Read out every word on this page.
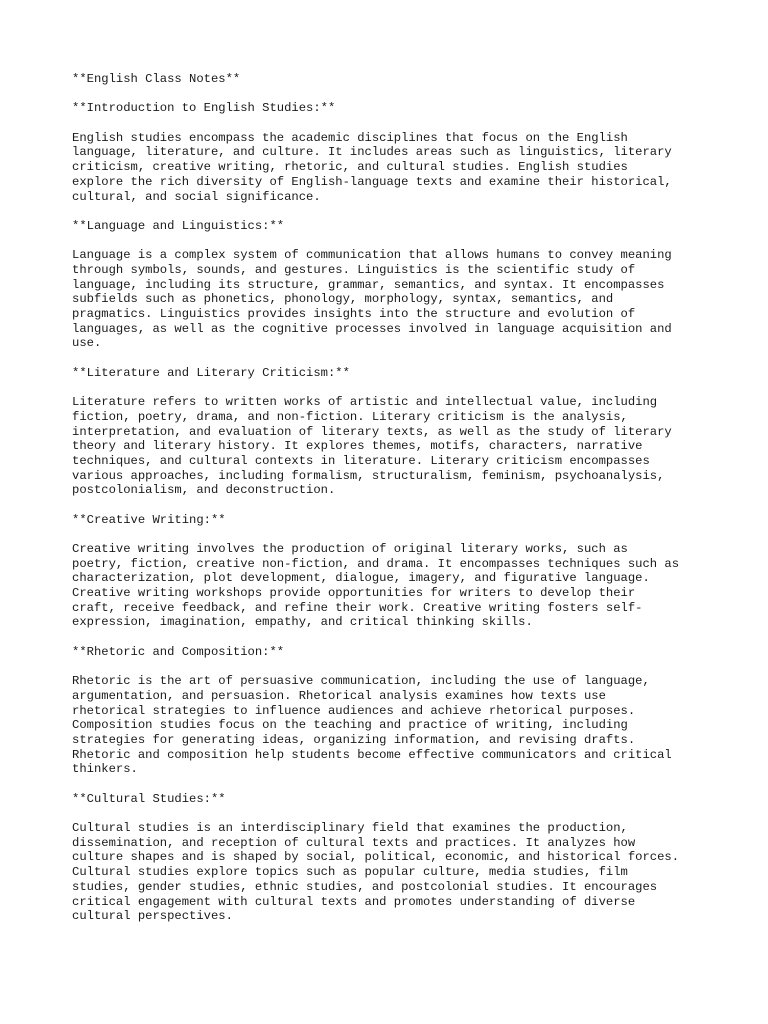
**English Class Notes**
**Introduction to English Studies:**
English studies encompass the academic disciplines that focus on the English
language, literature, and culture. It includes areas such as linguistics, literary
criticism, creative writing, rhetoric, and cultural studies. English studies
explore the rich diversity of English-language texts and examine their historical,
cultural, and social significance.
**Language and Linguistics:**
Language is a complex system of communication that allows humans to convey meaning
through symbols, sounds, and gestures. Linguistics is the scientific study of
language, including its structure, grammar, semantics, and syntax. It encompasses
subfields such as phonetics, phonology, morphology, syntax, semantics, and
pragmatics. Linguistics provides insights into the structure and evolution of
languages, as well as the cognitive processes involved in language acquisition and
use.
**Literature and Literary Criticism:**
Literature refers to written works of artistic and intellectual value, including
fiction, poetry, drama, and non-fiction. Literary criticism is the analysis,
interpretation, and evaluation of literary texts, as well as the study of literary
theory and literary history. It explores themes, motifs, characters, narrative
techniques, and cultural contexts in literature. Literary criticism encompasses
various approaches, including formalism, structuralism, feminism, psychoanalysis,
postcolonialism, and deconstruction.
**Creative Writing:**
Creative writing involves the production of original literary works, such as
poetry, fiction, creative non-fiction, and drama. It encompasses techniques such as
characterization, plot development, dialogue, imagery, and figurative language.
Creative writing workshops provide opportunities for writers to develop their
craft, receive feedback, and refine their work. Creative writing fosters self-
expression, imagination, empathy, and critical thinking skills.
**Rhetoric and Composition:**
Rhetoric is the art of persuasive communication, including the use of language,
argumentation, and persuasion. Rhetorical analysis examines how texts use
rhetorical strategies to influence audiences and achieve rhetorical purposes.
Composition studies focus on the teaching and practice of writing, including
strategies for generating ideas, organizing information, and revising drafts.
Rhetoric and composition help students become effective communicators and critical
thinkers.
**Cultural Studies:**
Cultural studies is an interdisciplinary field that examines the production,
dissemination, and reception of cultural texts and practices. It analyzes how
culture shapes and is shaped by social, political, economic, and historical forces.
Cultural studies explore topics such as popular culture, media studies, film
studies, gender studies, ethnic studies, and postcolonial studies. It encourages
critical engagement with cultural texts and promotes understanding of diverse
cultural perspectives.
